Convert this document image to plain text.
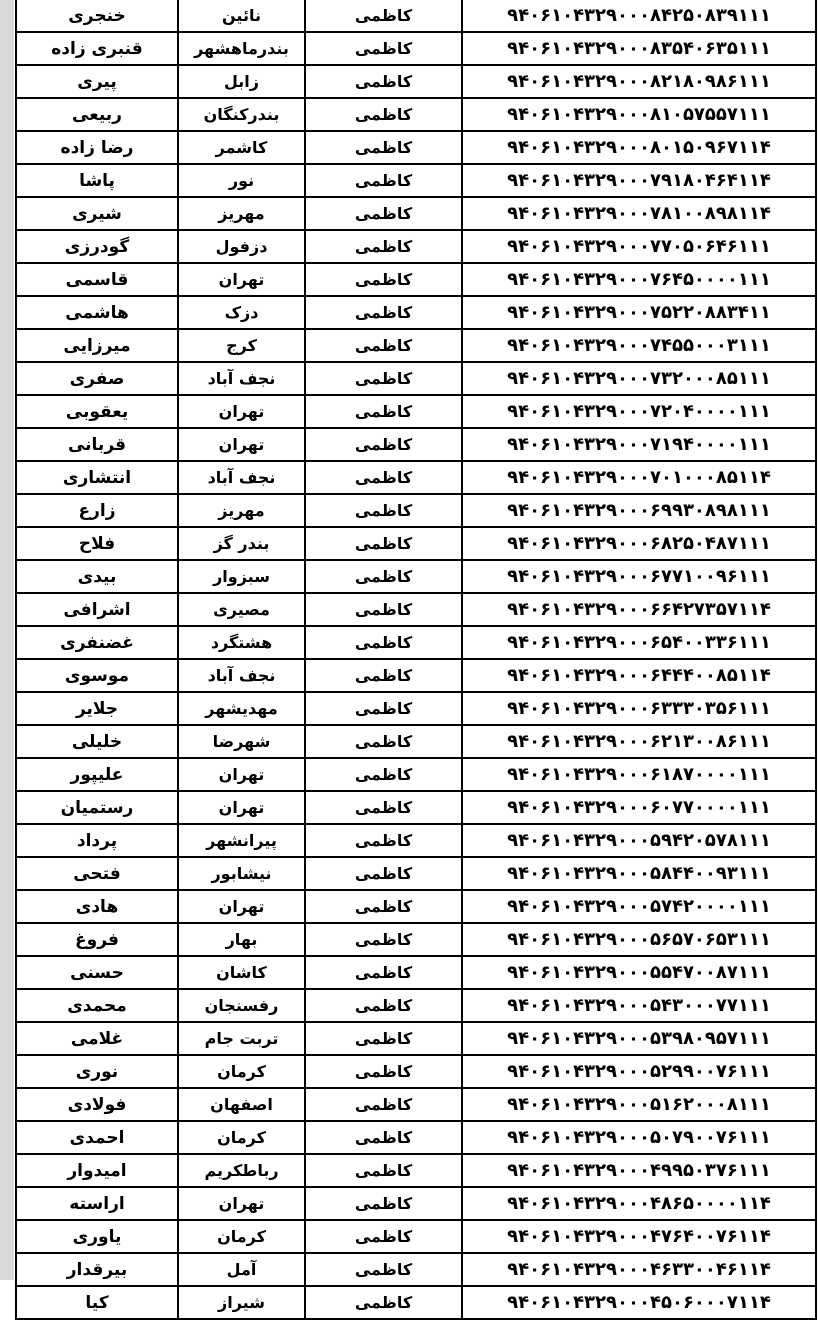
خنجری	نائین	کاظمی	۹۴۰۶۱۰۴۳۲۹۰۰۰۸۴۲۵۰۸۳۹۱۱۱
قنبری زاده	بندرماهشهر	کاظمی	۹۴۰۶۱۰۴۳۲۹۰۰۰۸۳۵۴۰۶۳۵۱۱۱
پیری	زابل	کاظمی	۹۴۰۶۱۰۴۳۲۹۰۰۰۸۲۱۸۰۹۸۶۱۱۱
ربیعی	بندرکنگان	کاظمی	۹۴۰۶۱۰۴۳۲۹۰۰۰۸۱۰۵۷۵۵۷۱۱۱
رضا زاده	کاشمر	کاظمی	۹۴۰۶۱۰۴۳۲۹۰۰۰۸۰۱۵۰۹۶۷۱۱۴
پاشا	نور	کاظمی	۹۴۰۶۱۰۴۳۲۹۰۰۰۷۹۱۸۰۴۶۴۱۱۴
شیری	مهریز	کاظمی	۹۴۰۶۱۰۴۳۲۹۰۰۰۷۸۱۰۰۸۹۸۱۱۴
گودرزی	دزفول	کاظمی	۹۴۰۶۱۰۴۳۲۹۰۰۰۷۷۰۵۰۶۴۶۱۱۱
قاسمی	تهران	کاظمی	۹۴۰۶۱۰۴۳۲۹۰۰۰۷۶۴۵۰۰۰۰۱۱۱
هاشمی	دزک	کاظمی	۹۴۰۶۱۰۴۳۲۹۰۰۰۷۵۲۲۰۸۸۳۴۱۱
میرزایی	کرج	کاظمی	۹۴۰۶۱۰۴۳۲۹۰۰۰۷۴۵۵۰۰۰۳۱۱۱
صفری	نجف آباد	کاظمی	۹۴۰۶۱۰۴۳۲۹۰۰۰۷۳۲۰۰۰۸۵۱۱۱
یعقوبی	تهران	کاظمی	۹۴۰۶۱۰۴۳۲۹۰۰۰۷۲۰۴۰۰۰۰۱۱۱
قربانی	تهران	کاظمی	۹۴۰۶۱۰۴۳۲۹۰۰۰۷۱۹۴۰۰۰۰۱۱۱
انتشاری	نجف آباد	کاظمی	۹۴۰۶۱۰۴۳۲۹۰۰۰۷۰۱۰۰۰۸۵۱۱۴
زارع	مهریز	کاظمی	۹۴۰۶۱۰۴۳۲۹۰۰۰۶۹۹۳۰۸۹۸۱۱۱
فلاح	بندر گز	کاظمی	۹۴۰۶۱۰۴۳۲۹۰۰۰۶۸۲۵۰۴۸۷۱۱۱
بیدی	سبزوار	کاظمی	۹۴۰۶۱۰۴۳۲۹۰۰۰۶۷۷۱۰۰۹۶۱۱۱
اشرافی	مصیری	کاظمی	۹۴۰۶۱۰۴۳۲۹۰۰۰۶۶۴۲۷۳۵۷۱۱۴
غضنفری	هشتگرد	کاظمی	۹۴۰۶۱۰۴۳۲۹۰۰۰۶۵۴۰۰۳۳۶۱۱۱
موسوی	نجف آباد	کاظمی	۹۴۰۶۱۰۴۳۲۹۰۰۰۶۴۴۴۰۰۸۵۱۱۴
جلایر	مهدیشهر	کاظمی	۹۴۰۶۱۰۴۳۲۹۰۰۰۶۳۳۳۰۳۵۶۱۱۱
خلیلی	شهرضا	کاظمی	۹۴۰۶۱۰۴۳۲۹۰۰۰۶۲۱۳۰۰۸۶۱۱۱
علیپور	تهران	کاظمی	۹۴۰۶۱۰۴۳۲۹۰۰۰۶۱۸۷۰۰۰۰۱۱۱
رستمیان	تهران	کاظمی	۹۴۰۶۱۰۴۳۲۹۰۰۰۶۰۷۷۰۰۰۰۱۱۱
پرداد	پیرانشهر	کاظمی	۹۴۰۶۱۰۴۳۲۹۰۰۰۵۹۴۲۰۵۷۸۱۱۱
فتحی	نیشابور	کاظمی	۹۴۰۶۱۰۴۳۲۹۰۰۰۵۸۴۴۰۰۹۳۱۱۱
هادی	تهران	کاظمی	۹۴۰۶۱۰۴۳۲۹۰۰۰۵۷۴۲۰۰۰۰۱۱۱
فروغ	بهار	کاظمی	۹۴۰۶۱۰۴۳۲۹۰۰۰۵۶۵۷۰۶۵۳۱۱۱
حسنی	کاشان	کاظمی	۹۴۰۶۱۰۴۳۲۹۰۰۰۵۵۴۷۰۰۸۷۱۱۱
محمدی	رفسنجان	کاظمی	۹۴۰۶۱۰۴۳۲۹۰۰۰۵۴۳۰۰۰۷۷۱۱۱
غلامی	تربت جام	کاظمی	۹۴۰۶۱۰۴۳۲۹۰۰۰۵۳۹۸۰۹۵۷۱۱۱
نوری	کرمان	کاظمی	۹۴۰۶۱۰۴۳۲۹۰۰۰۵۲۹۹۰۰۷۶۱۱۱
فولادی	اصفهان	کاظمی	۹۴۰۶۱۰۴۳۲۹۰۰۰۵۱۶۲۰۰۰۸۱۱۱
احمدی	کرمان	کاظمی	۹۴۰۶۱۰۴۳۲۹۰۰۰۵۰۷۹۰۰۷۶۱۱۱
امیدوار	رباطکریم	کاظمی	۹۴۰۶۱۰۴۳۲۹۰۰۰۴۹۹۵۰۳۷۶۱۱۱
اراسته	تهران	کاظمی	۹۴۰۶۱۰۴۳۲۹۰۰۰۴۸۶۵۰۰۰۰۱۱۴
یاوری	کرمان	کاظمی	۹۴۰۶۱۰۴۳۲۹۰۰۰۴۷۶۴۰۰۷۶۱۱۴
بیرقدار	آمل	کاظمی	۹۴۰۶۱۰۴۳۲۹۰۰۰۴۶۳۳۰۰۴۶۱۱۴
کیا	شیراز	کاظمی	۹۴۰۶۱۰۴۳۲۹۰۰۰۴۵۰۶۰۰۰۷۱۱۴
